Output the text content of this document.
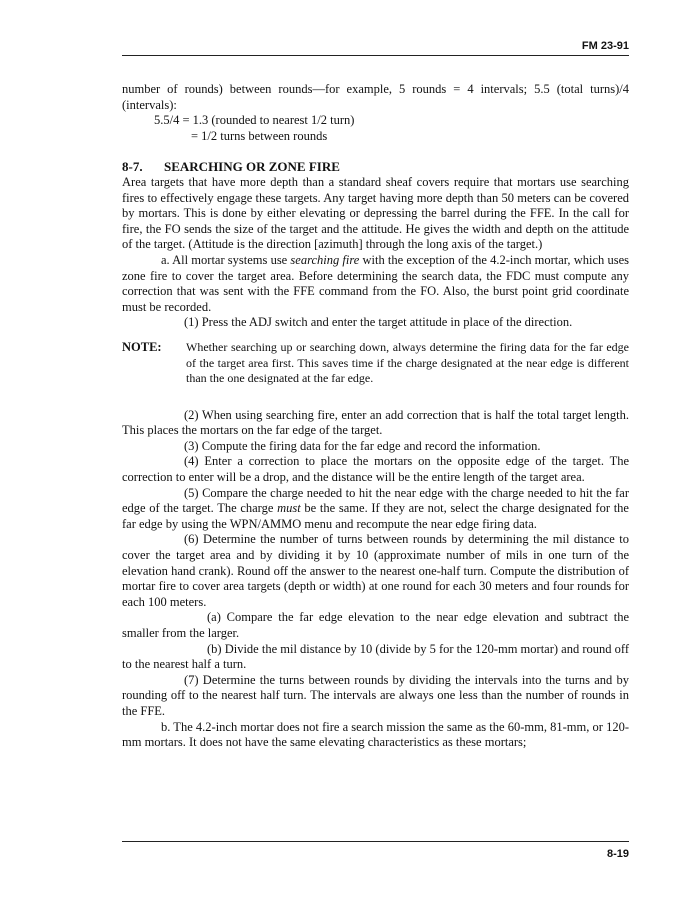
FM 23-91

number of rounds) between rounds—for example, 5 rounds = 4 intervals; 5.5 (total turns)/4 (intervals):

5.5/4 = 1.3 (rounded to nearest 1/2 turn)
= 1/2 turns between rounds
8-7.	SEARCHING OR ZONE FIRE

Area targets that have more depth than a standard sheaf covers require that mortars use searching fires to effectively engage these targets. Any target having more depth than 50 meters can be covered by mortars. This is done by either elevating or depressing the barrel during the FFE. In the call for fire, the FO sends the size of the target and the attitude. He gives the width and depth on the attitude of the target. (Attitude is the direction [azimuth] through the long axis of the target.)

a. All mortar systems use searching fire with the exception of the 4.2-inch mortar, which uses zone fire to cover the target area. Before determining the search data, the FDC must compute any correction that was sent with the FFE command from the FO. Also, the burst point grid coordinate must be recorded.

(1) Press the ADJ switch and enter the target attitude in place of the direction.

NOTE:	Whether searching up or searching down, always determine the firing data for the far edge of the target area first. This saves time if the charge designated at the near edge is different than the one designated at the far edge.

(2) When using searching fire, enter an add correction that is half the total target length. This places the mortars on the far edge of the target.

(3) Compute the firing data for the far edge and record the information.

(4) Enter a correction to place the mortars on the opposite edge of the target. The correction to enter will be a drop, and the distance will be the entire length of the target area.

(5) Compare the charge needed to hit the near edge with the charge needed to hit the far edge of the target. The charge must be the same. If they are not, select the charge designated for the far edge by using the WPN/AMMO menu and recompute the near edge firing data.

(6) Determine the number of turns between rounds by determining the mil distance to cover the target area and by dividing it by 10 (approximate number of mils in one turn of the elevation hand crank). Round off the answer to the nearest one-half turn. Compute the distribution of mortar fire to cover area targets (depth or width) at one round for each 30 meters and four rounds for each 100 meters.

(a) Compare the far edge elevation to the near edge elevation and subtract the smaller from the larger.

(b) Divide the mil distance by 10 (divide by 5 for the 120-mm mortar) and round off to the nearest half a turn.

(7) Determine the turns between rounds by dividing the intervals into the turns and by rounding off to the nearest half turn. The intervals are always one less than the number of rounds in the FFE.

b. The 4.2-inch mortar does not fire a search mission the same as the 60-mm, 81-mm, or 120-mm mortars. It does not have the same elevating characteristics as these mortars;

8-19
